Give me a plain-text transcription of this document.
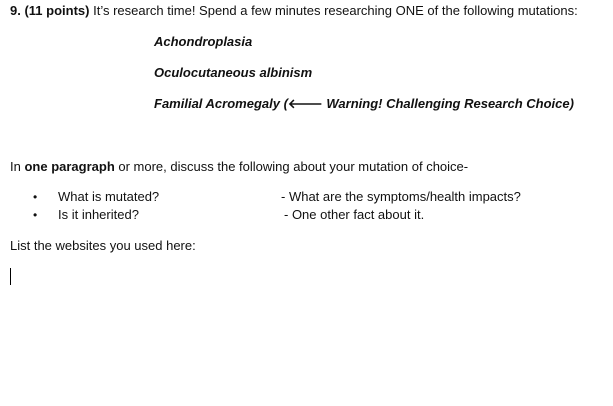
9. (11 points) It’s research time! Spend a few minutes researching ONE of the following mutations:
Achondroplasia
Oculocutaneous albinism
Familial Acromegaly (🡐 Warning! Challenging Research Choice)
In one paragraph or more, discuss the following about your mutation of choice-
• What is mutated?	- What are the symptoms/health impacts?
• Is it inherited?	- One other fact about it.
List the websites you used here:
